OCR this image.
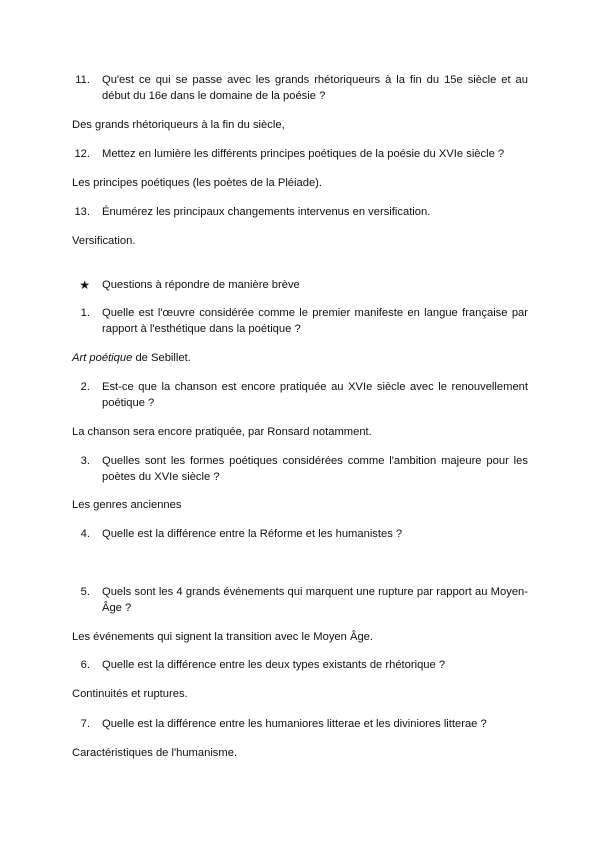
11. Qu'est ce qui se passe avec les grands rhétoriqueurs à la fin du 15e siècle et au début du 16e dans le domaine de la poésie ?
Des grands rhétoriqueurs à la fin du siècle,
12. Mettez en lumière les différents principes poétiques de la poésie du XVIe siècle ?
Les principes poétiques (les poètes de la Pléiade).
13. Énumérez les principaux changements intervenus en versification.
Versification.
★ Questions à répondre de manière brève
1. Quelle est l'œuvre considérée comme le premier manifeste en langue française par rapport à l'esthétique dans la poétique ?
Art poétique de Sebillet.
2. Est-ce que la chanson est encore pratiquée au XVIe siècle avec le renouvellement poétique ?
La chanson sera encore pratiquée, par Ronsard notamment.
3. Quelles sont les formes poétiques considérées comme l'ambition majeure pour les poètes du XVIe siècle ?
Les genres anciennes
4. Quelle est la différence entre la Réforme et les humanistes ?
5. Quels sont les 4 grands événements qui marquent une rupture par rapport au Moyen-Âge ?
Les événements qui signent la transition avec le Moyen Âge.
6. Quelle est la différence entre les deux types existants de rhétorique ?
Continuités et ruptures.
7. Quelle est la différence entre les humaniores litterae et les diviniores litterae ?
Caractéristiques de l'humanisme.
